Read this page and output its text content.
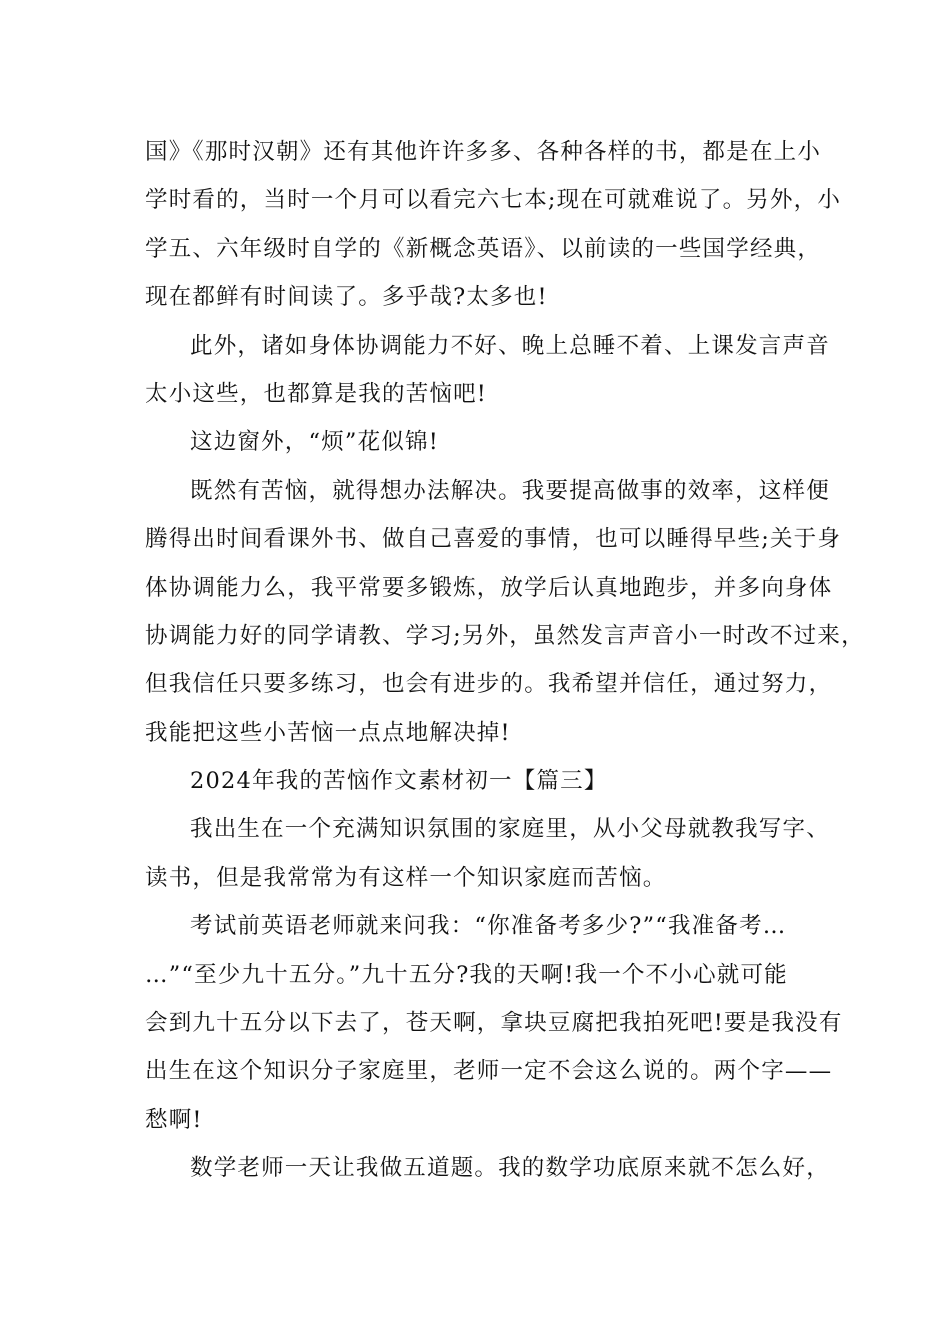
国》《那时汉朝》还有其他许许多多、各种各样的书，都是在上小
学时看的，当时一个月可以看完六七本;现在可就难说了。另外，小
学五、六年级时自学的《新概念英语》、以前读的一些国学经典，
现在都鲜有时间读了。多乎哉?太多也!
此外，诸如身体协调能力不好、晚上总睡不着、上课发言声音
太小这些，也都算是我的苦恼吧!
这边窗外，“烦”花似锦!
既然有苦恼，就得想办法解决。我要提高做事的效率，这样便
腾得出时间看课外书、做自己喜爱的事情，也可以睡得早些;关于身
体协调能力么，我平常要多锻炼，放学后认真地跑步，并多向身体
协调能力好的同学请教、学习;另外，虽然发言声音小一时改不过来，
但我信任只要多练习，也会有进步的。我希望并信任，通过努力，
我能把这些小苦恼一点点地解决掉!
2024年我的苦恼作文素材初一【篇三】
我出生在一个充满知识氛围的家庭里，从小父母就教我写字、
读书，但是我常常为有这样一个知识家庭而苦恼。
考试前英语老师就来问我：“你准备考多少?”“我准备考…
…”“至少九十五分。”九十五分?我的天啊!我一个不小心就可能
会到九十五分以下去了，苍天啊，拿块豆腐把我拍死吧!要是我没有
出生在这个知识分子家庭里，老师一定不会这么说的。两个字——
愁啊!
数学老师一天让我做五道题。我的数学功底原来就不怎么好，
